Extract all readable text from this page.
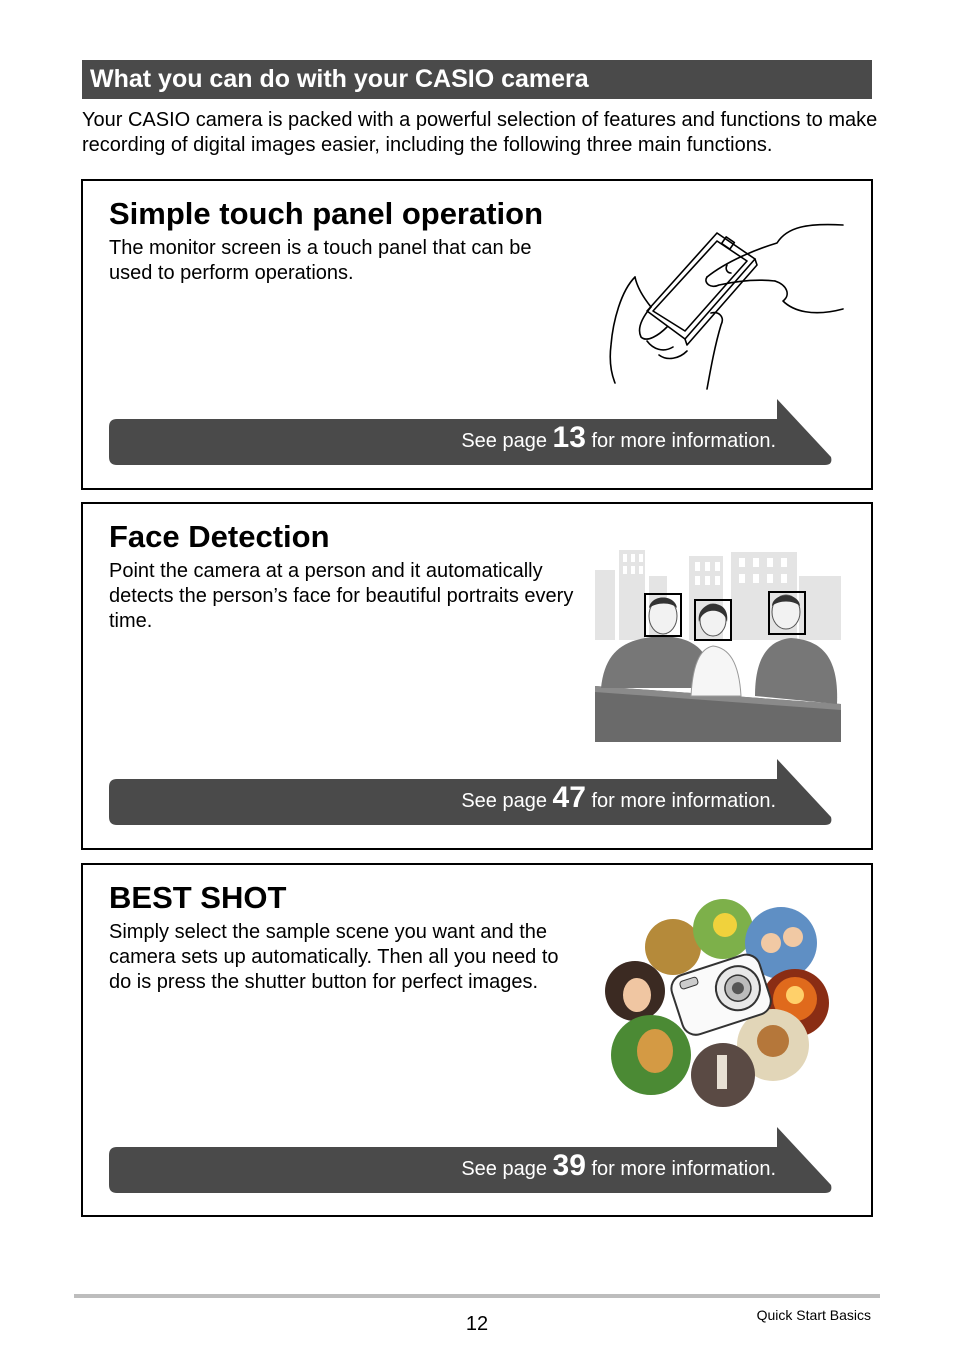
What you can do with your CASIO camera

Your CASIO camera is packed with a powerful selection of features and functions to make recording of digital images easier, including the following three main functions.

Simple touch panel operation

The monitor screen is a touch panel that can be used to perform operations.

See page 13 for more information.
Face Detection

Point the camera at a person and it automatically detects the person’s face for beautiful portraits every time.

See page 47 for more information.
BEST SHOT

Simply select the sample scene you want and the camera sets up automatically. Then all you need to do is press the shutter button for perfect images.

See page 39 for more information.
12	Quick Start Basics
